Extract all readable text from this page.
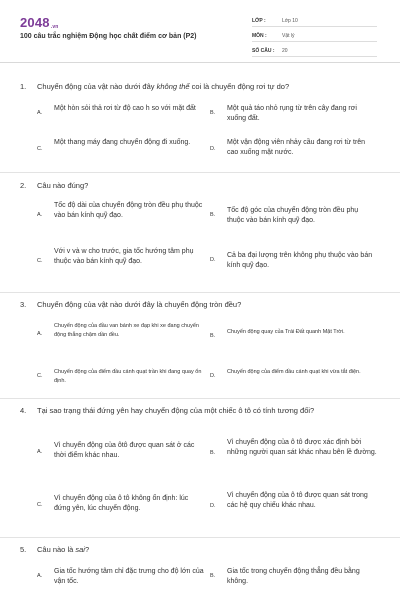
2048.vn
100 câu trắc nghiệm Động học chất điểm cơ bản (P2)
LỚP :	Lớp 10
MÔN :	Vật lý
SỐ CÂU :	20
1. Chuyển động của vật nào dưới đây không thể coi là chuyển động rơi tự do?
A.
Một hòn sỏi thả rơi từ độ cao h so với mặt đất
B.
Một quả táo nhỏ rụng từ trên cây đang rơi xuống đất.
C.
Một thang máy đang chuyển động đi xuống.
D.
Một vận động viên nhảy cầu đang rơi từ trên cao xuống mặt nước.
2. Câu nào đúng?
A.
Tốc độ dài của chuyển động tròn đều phụ thuộc vào bán kính quỹ đạo.	B.
Tốc độ góc của chuyển động tròn đều phụ thuộc vào bán kính quỹ đạo.
C.
Với v và w cho trước, gia tốc hướng tâm phụ thuộc vào bán kính quỹ đạo.	D.
Cả ba đại lượng trên không phụ thuộc vào bán kính quỹ đạo.
3. Chuyển động của vật nào dưới đây là chuyển động tròn đều?
A.
Chuyển động của đầu van bánh xe đạp khi xe đang chuyển động thẳng chậm dần đều.	B.
Chuyển động quay của Trái Đất quanh Mặt Trời.
C.
Chuyển động của điểm đầu cánh quạt trần khi đang quay ổn định.
D.
Chuyển động của điểm đầu cánh quạt khi vừa tắt điện.
4. Tại sao trạng thái đứng yên hay chuyển động của một chiếc ô tô có tính tương đối?
A.
Vì chuyển động của ôtô được quan sát ở các thời điểm khác nhau.	B.
Vì chuyển động của ô tô được xác định bởi những người quan sát khác nhau bên lề đường.
C.
Vì chuyển động của ô tô không ổn định: lúc đứng yên, lúc chuyển động.	D.
Vì chuyển động của ô tô được quan sát trong các hệ quy chiếu khác nhau.
5. Câu nào là sai?
A.
Gia tốc hướng tâm chỉ đặc trưng cho độ lớn của vận tốc.
B.
Gia tốc trong chuyển động thẳng đều bằng không.
